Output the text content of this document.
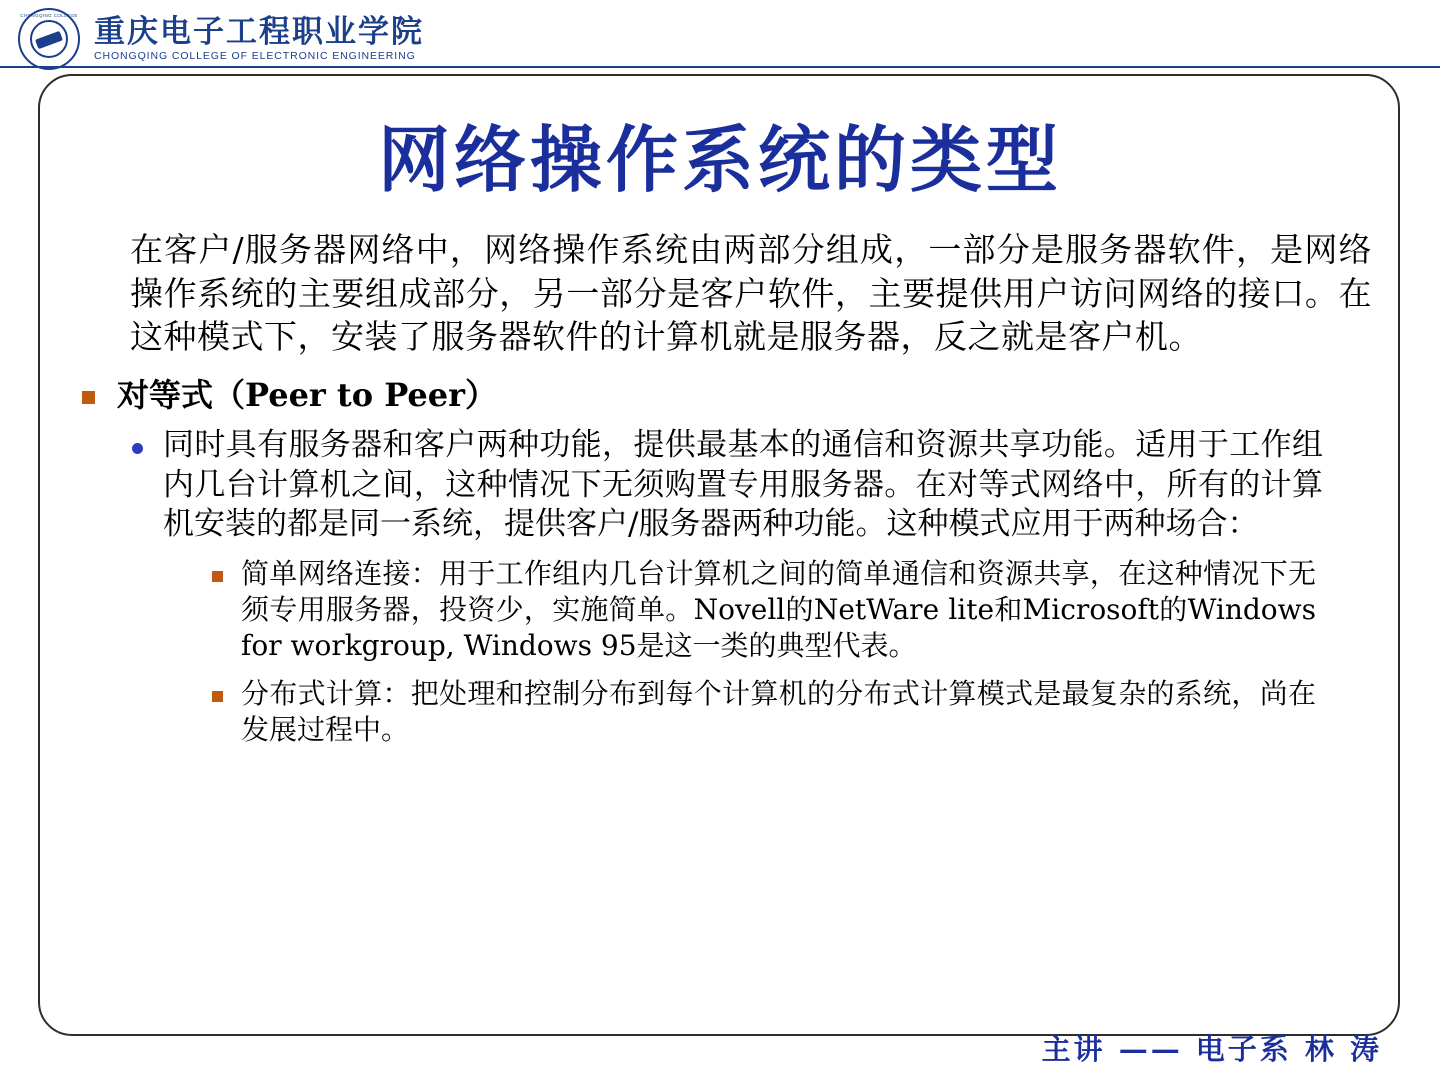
CHONGQING COLLEGE 重庆电子工程职业学院
CHONGQING COLLEGE OF ELECTRONIC ENGINEERING
网络操作系统的类型

在客户/服务器网络中，网络操作系统由两部分组成，一部分是服务器软件，是网络操作系统的主要组成部分，另一部分是客户软件，主要提供用户访问网络的接口。在这种模式下，安装了服务器软件的计算机就是服务器，反之就是客户机。

对等式（Peer to Peer）
同时具有服务器和客户两种功能，提供最基本的通信和资源共享功能。适用于工作组内几台计算机之间，这种情况下无须购置专用服务器。在对等式网络中，所有的计算机安装的都是同一系统，提供客户/服务器两种功能。这种模式应用于两种场合：
简单网络连接：用于工作组内几台计算机之间的简单通信和资源共享，在这种情况下无须专用服务器，投资少，实施简单。Novell的NetWare lite和Microsoft的Windows for workgroup, Windows 95是这一类的典型代表。
分布式计算：把处理和控制分布到每个计算机的分布式计算模式是最复杂的系统，尚在发展过程中。
主讲 —— 电子系 林 涛
